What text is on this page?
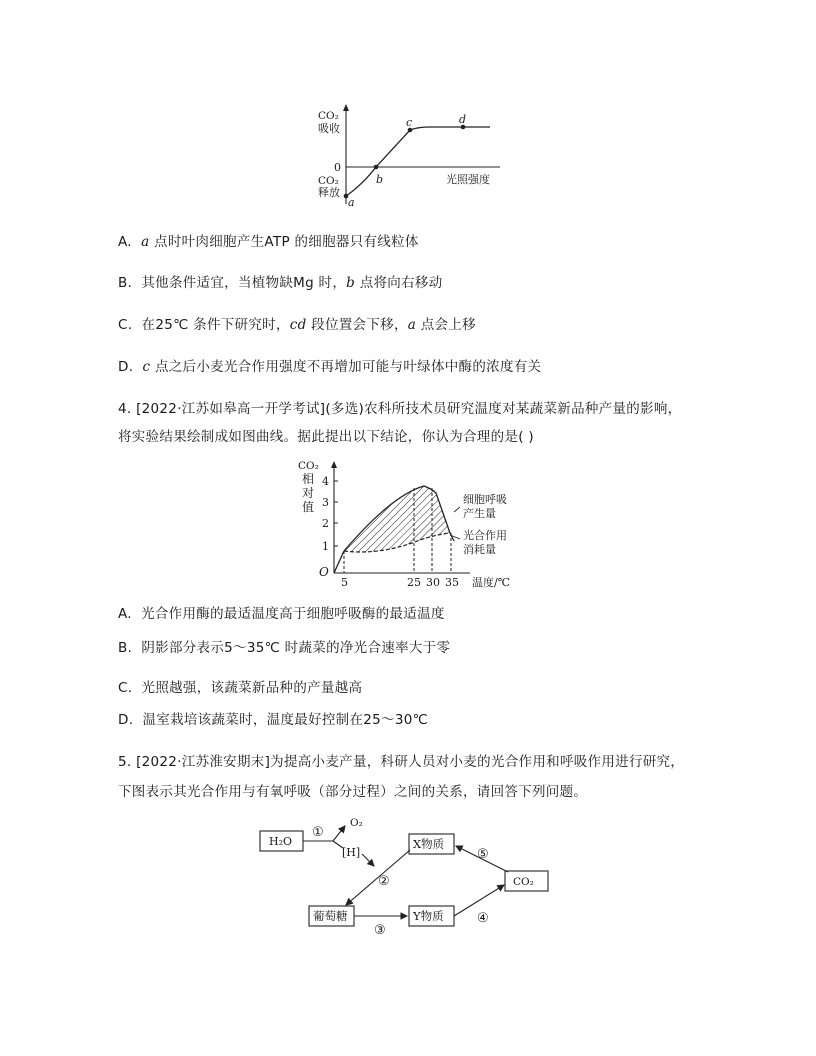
CO₂
吸收
0
CO₂
释放
光照强度
a
b
c	d
A. a 点时叶肉细胞产生ATP 的细胞器只有线粒体
B. 其他条件适宜，当植物缺Mg 时，b 点将向右移动
C. 在25℃ 条件下研究时，cd 段位置会下移，a 点会上移
D. c 点之后小麦光合作用强度不再增加可能与叶绿体中酶的浓度有关
4. [2022·江苏如皋高一开学考试](多选)农科所技术员研究温度对某蔬菜新品种产量的影响，
将实验结果绘制成如图曲线。据此提出以下结论，你认为合理的是( )
CO₂
相
对
值
1
2
3
4
O
5	25 30 35 温度/℃
细胞呼吸
产生量
光合作用
消耗量
A. 光合作用酶的最适温度高于细胞呼吸酶的最适温度
B. 阴影部分表示5～35℃ 时蔬菜的净光合速率大于零
C. 光照越强，该蔬菜新品种的产量越高
D. 温室栽培该蔬菜时，温度最好控制在25～30℃
5. [2022·江苏淮安期末]为提高小麦产量，科研人员对小麦的光合作用和呼吸作用进行研究，
下图表示其光合作用与有氧呼吸（部分过程）之间的关系，请回答下列问题。
H₂O
O₂
[H]
X物质
CO₂
葡萄糖	Y物质
①
②
③
④
⑤
